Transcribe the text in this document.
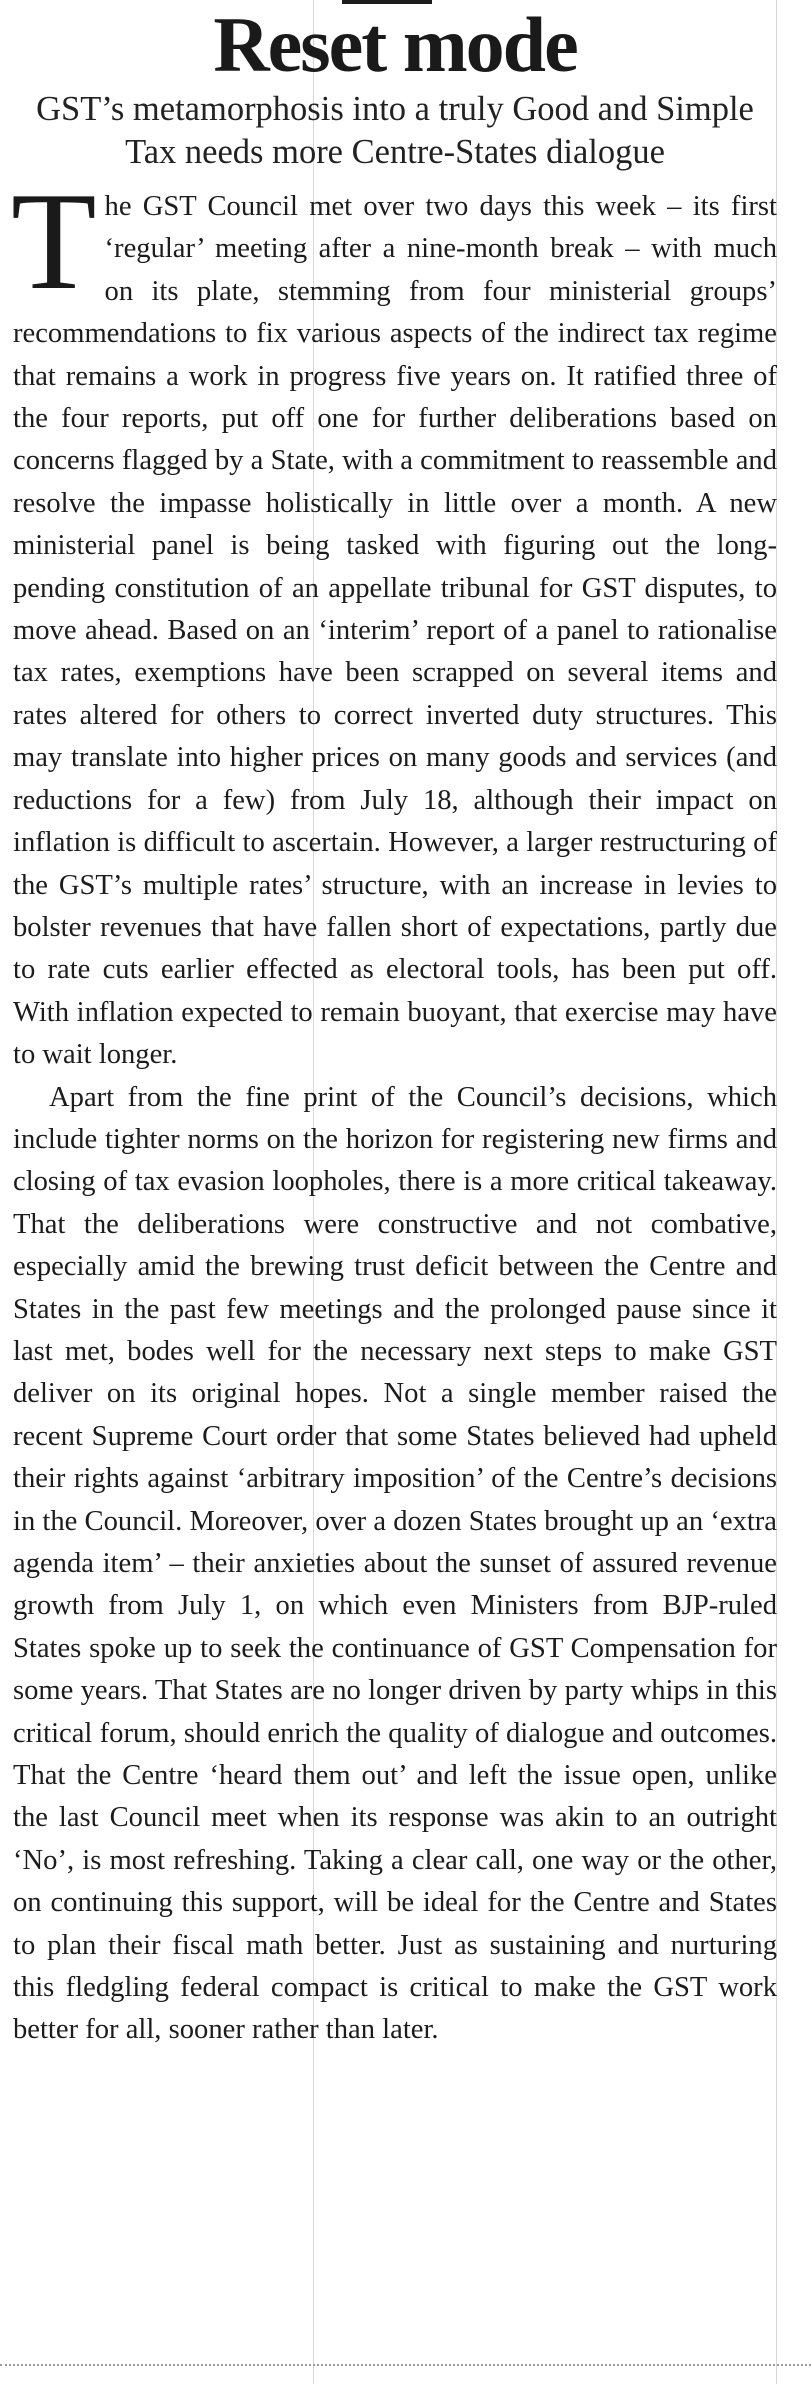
Reset mode
GST’s metamorphosis into a truly Good and Simple Tax needs more Centre-States dialogue

The GST Council met over two days this week – its first ‘regular’ meeting after a nine-month break – with much on its plate, stemming from four ministerial groups’ recommendations to fix various aspects of the indirect tax regime that remains a work in progress five years on. It ratified three of the four reports, put off one for further deliberations based on concerns flagged by a State, with a commitment to reassemble and resolve the impasse holistically in little over a month. A new ministerial panel is being tasked with figuring out the long-pending constitution of an appellate tribunal for GST disputes, to move ahead. Based on an ‘interim’ report of a panel to rationalise tax rates, exemptions have been scrapped on several items and rates altered for others to correct inverted duty structures. This may translate into higher prices on many goods and services (and reductions for a few) from July 18, although their impact on inflation is difficult to ascertain. However, a larger restructuring of the GST’s multiple rates’ structure, with an increase in levies to bolster revenues that have fallen short of expectations, partly due to rate cuts earlier effected as electoral tools, has been put off. With inflation expected to remain buoyant, that exercise may have to wait longer.

Apart from the fine print of the Council’s decisions, which include tighter norms on the horizon for registering new firms and closing of tax evasion loopholes, there is a more critical takeaway. That the deliberations were constructive and not combative, especially amid the brewing trust deficit between the Centre and States in the past few meetings and the prolonged pause since it last met, bodes well for the necessary next steps to make GST deliver on its original hopes. Not a single member raised the recent Supreme Court order that some States believed had upheld their rights against ‘arbitrary imposition’ of the Centre’s decisions in the Council. Moreover, over a dozen States brought up an ‘extra agenda item’ – their anxieties about the sunset of assured revenue growth from July 1, on which even Ministers from BJP-ruled States spoke up to seek the continuance of GST Compensation for some years. That States are no longer driven by party whips in this critical forum, should enrich the quality of dialogue and outcomes. That the Centre ‘heard them out’ and left the issue open, unlike the last Council meet when its response was akin to an outright ‘No’, is most refreshing. Taking a clear call, one way or the other, on continuing this support, will be ideal for the Centre and States to plan their fiscal math better. Just as sustaining and nurturing this fledgling federal compact is critical to make the GST work better for all, sooner rather than later.
